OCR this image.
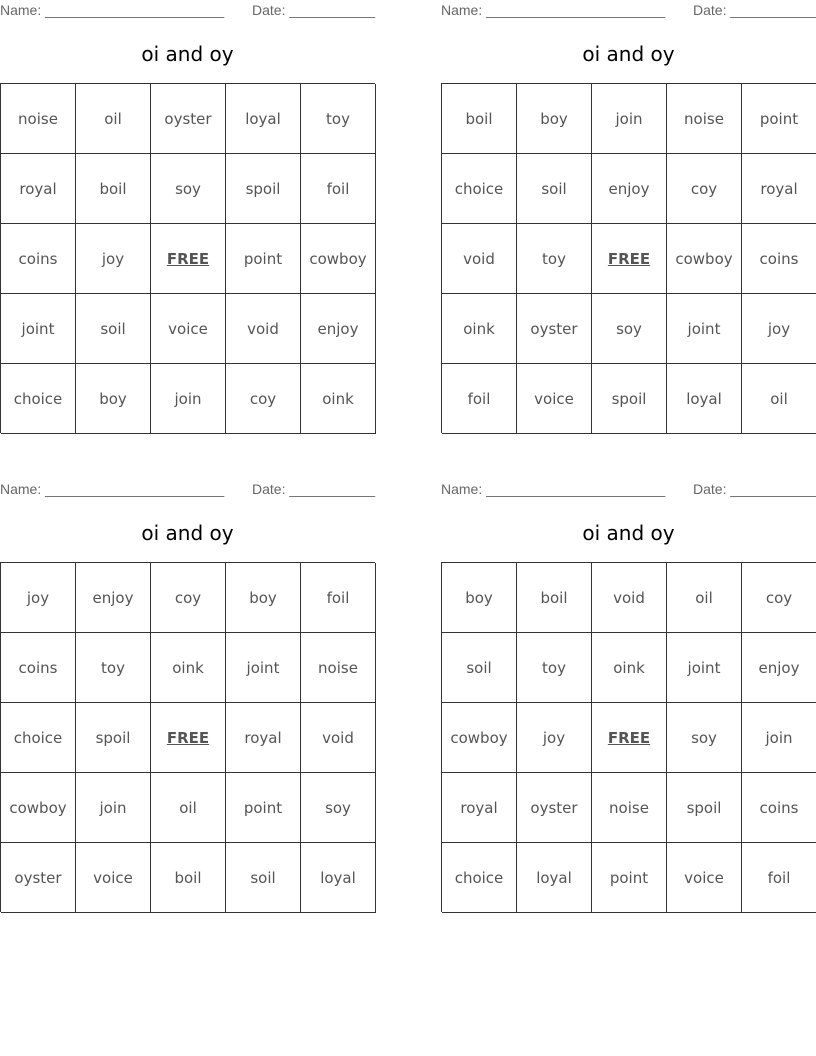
Name: _______________________ Date: ___________
oi and oy
noise	oil	oyster	loyal	toy
royal	boil	soy	spoil	foil
coins	joy	FREE	point	cowboy
joint	soil	voice	void	enjoy
choice	boy	join	coy	oink
Name: _______________________ Date: ___________
oi and oy
boil	boy	join	noise	point
choice	soil	enjoy	coy	royal
void	toy	FREE	cowboy	coins
oink	oyster	soy	joint	joy
foil	voice	spoil	loyal	oil
Name: _______________________ Date: ___________
oi and oy
joy	enjoy	coy	boy	foil
coins	toy	oink	joint	noise
choice	spoil	FREE	royal	void
cowboy	join	oil	point	soy
oyster	voice	boil	soil	loyal
Name: _______________________ Date: ___________
oi and oy
boy	boil	void	oil	coy
soil	toy	oink	joint	enjoy
cowboy	joy	FREE	soy	join
royal	oyster	noise	spoil	coins
choice	loyal	point	voice	foil
